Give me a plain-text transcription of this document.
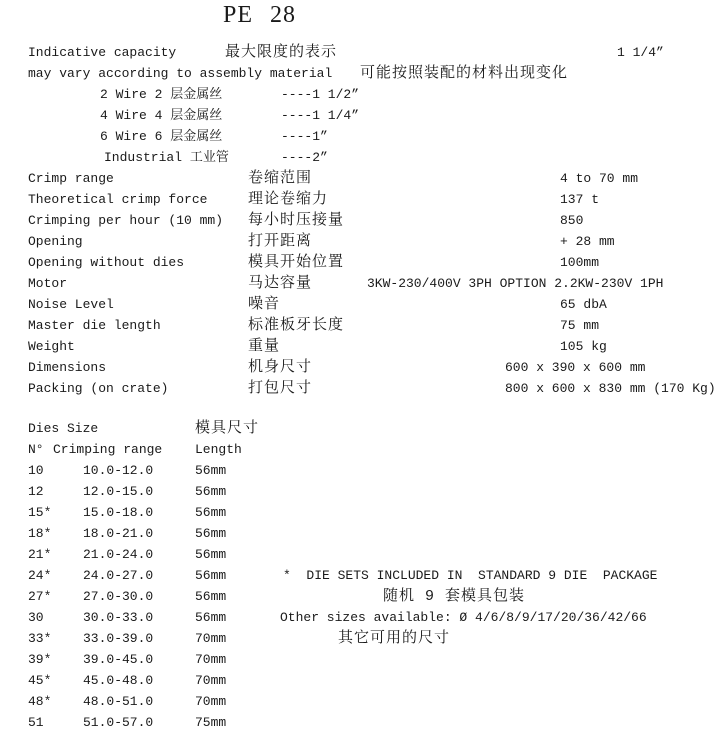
PE 28
Indicative capacity	最大限度的表示	1 1/4”
may vary according to assembly material 可能按照装配的材料出现变化
2 Wire 2 层金属丝	----1 1/2”
4 Wire 4 层金属丝	----1 1/4”
6 Wire 6 层金属丝	----1”
Industrial 工业管	----2”
Crimp range	卷缩范围	4 to 70 mm
Theoretical crimp force	理论卷缩力	137 t
Crimping per hour (10 mm) 每小时压接量	850
Opening	打开距离	+ 28 mm
Opening without dies	模具开始位置	100mm
Motor	马达容量	3KW-230/400V 3PH OPTION 2.2KW-230V 1PH
Noise Level	噪音	65 dbA
Master die length	标准板牙长度	75 mm
Weight	重量	105 kg
Dimensions	机身尺寸	600 x 390 x 600 mm
Packing (on crate)	打包尺寸	800 x 600 x 830 mm (170 Kg)
Dies Size	模具尺寸
N° Crimping range	Length
10	10.0-12.0	56mm
12	12.0-15.0	56mm
15* 15.0-18.0	56mm
18* 18.0-21.0	56mm
21* 21.0-24.0	56mm
24* 24.0-27.0	56mm	*  DIE SETS INCLUDED IN  STANDARD 9 DIE  PACKAGE
27* 27.0-30.0	56mm	随机 9 套模具包装
30	30.0-33.0	56mm	Other sizes available: Ø 4/6/8/9/17/20/36/42/66
33* 33.0-39.0	70mm	其它可用的尺寸
39* 39.0-45.0	70mm
45* 45.0-48.0	70mm
48* 48.0-51.0	70mm
51	51.0-57.0	75mm
